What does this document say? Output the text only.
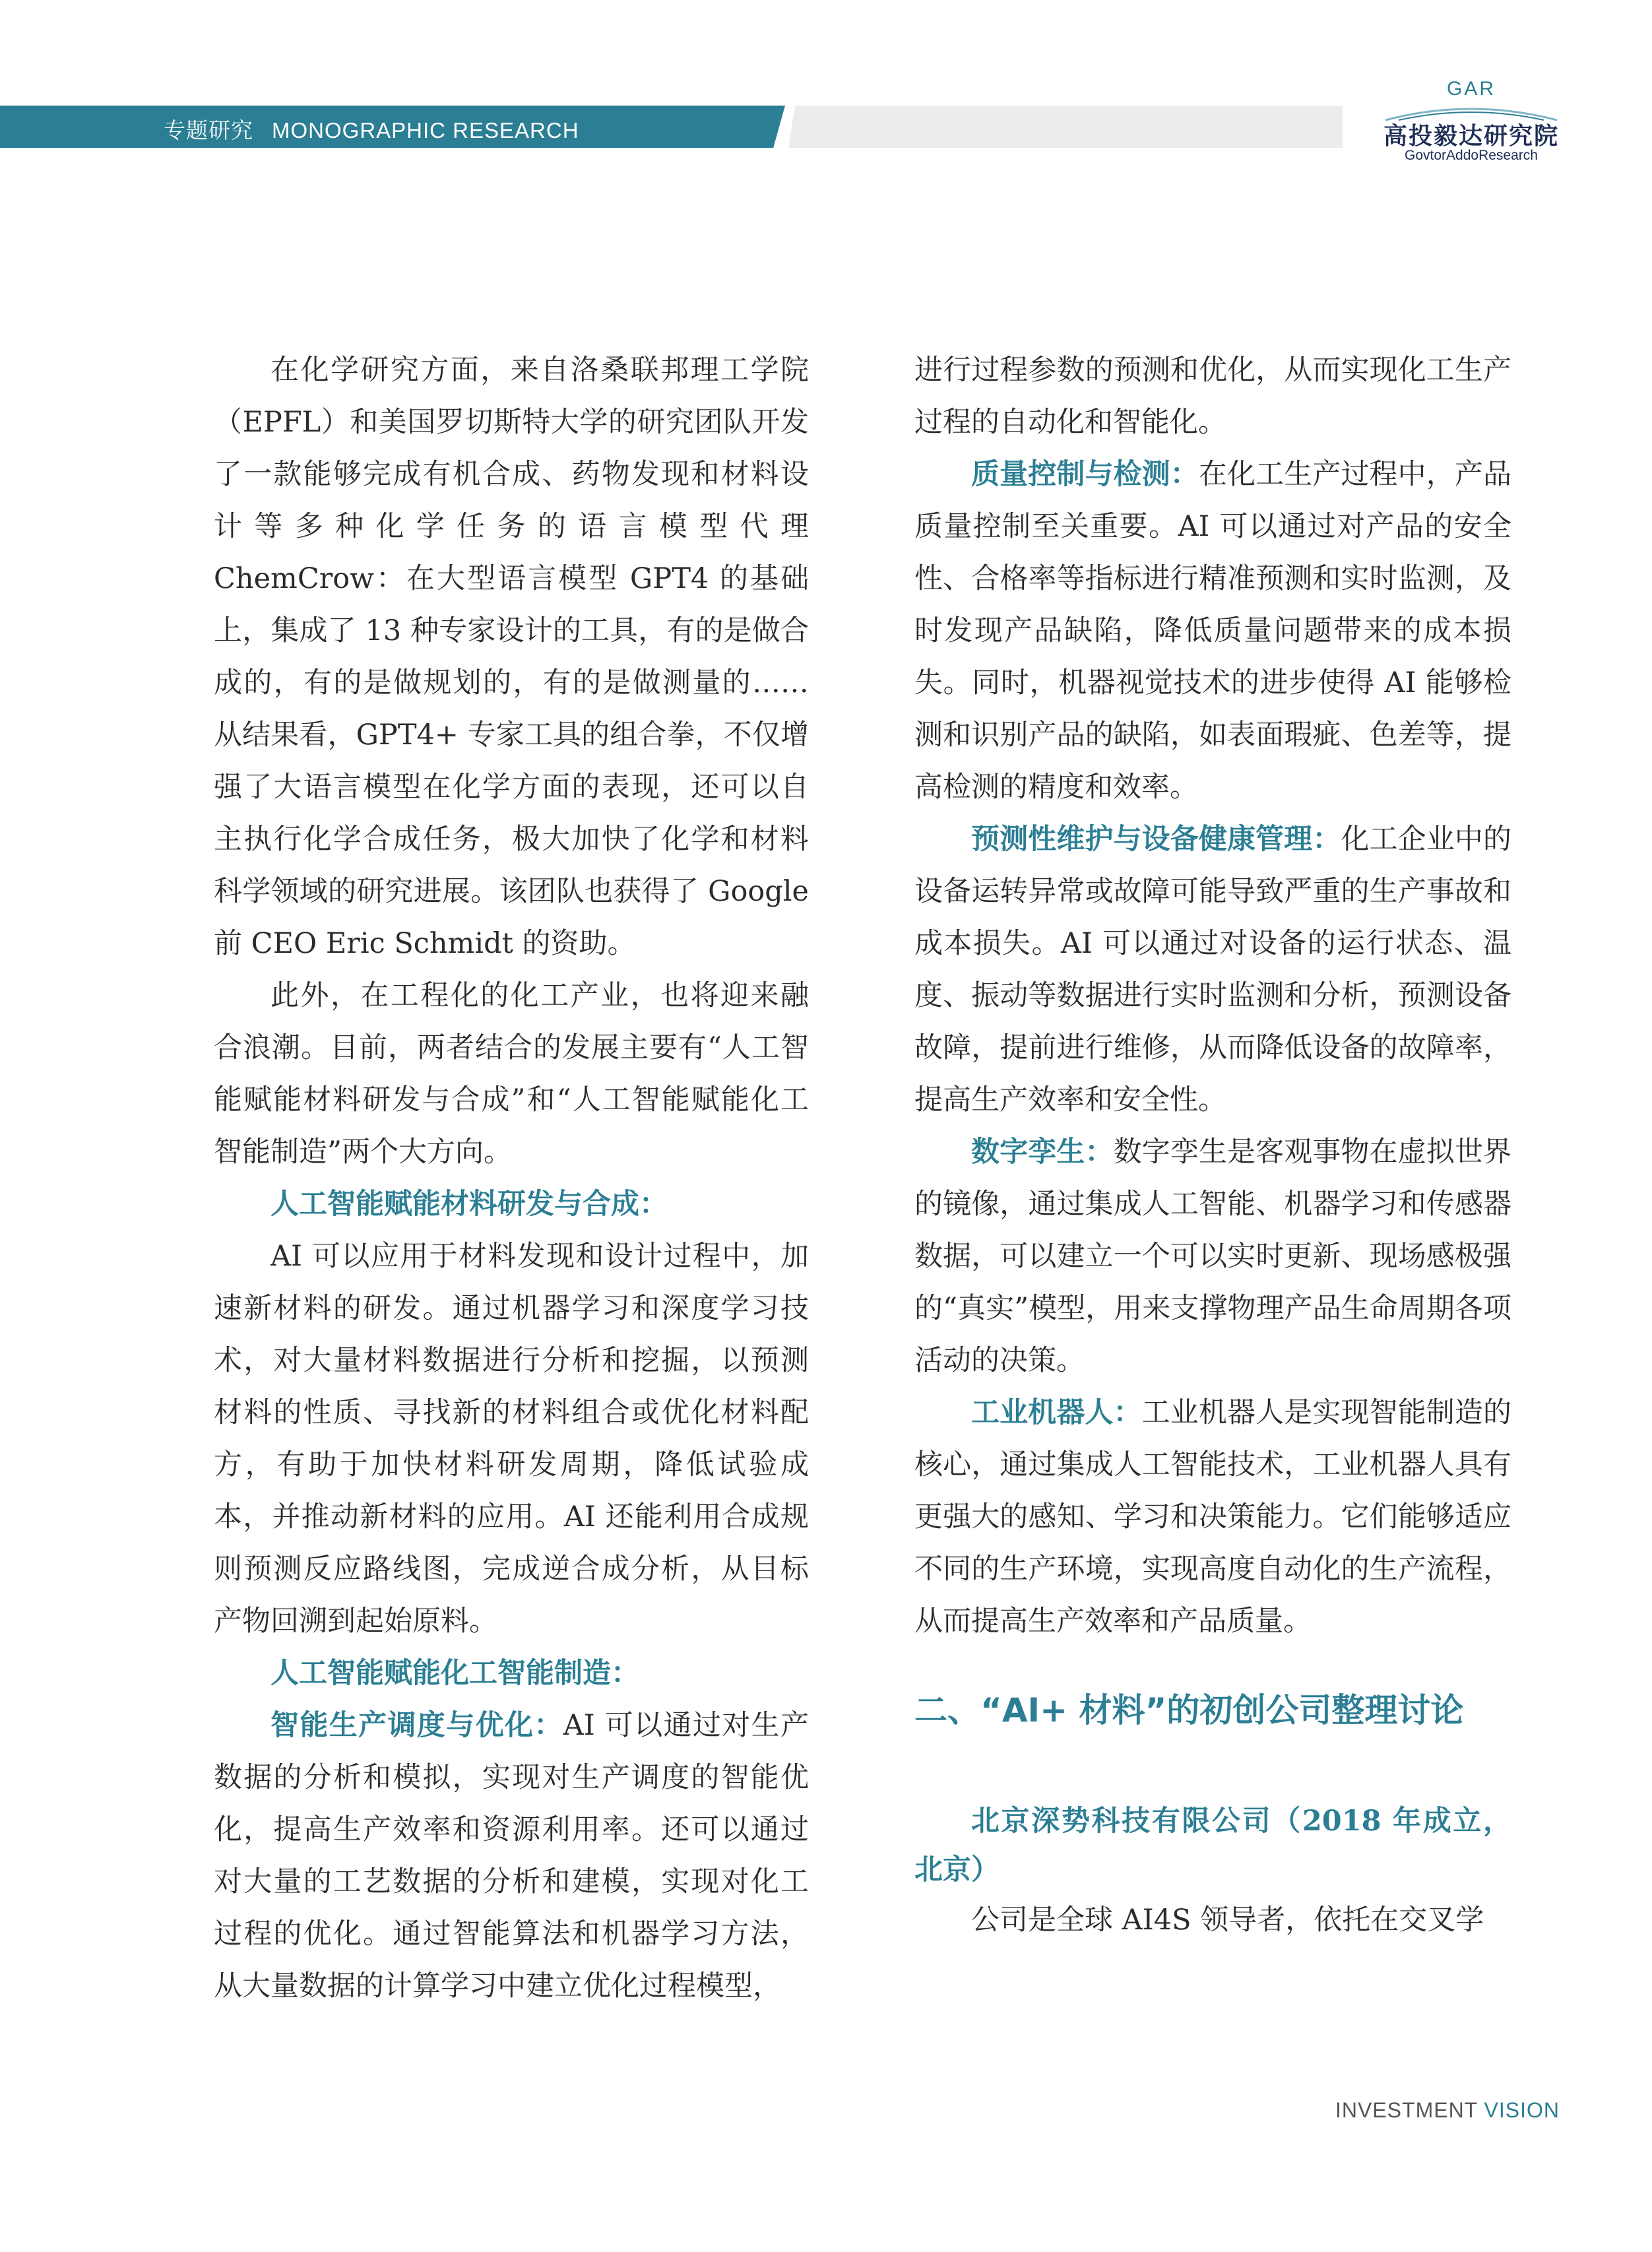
专题研究 MONOGRAPHIC RESEARCH
GAR
高投毅达研究院
GovtorAddoResearch

在化学研究方面，来自洛桑联邦理工学院（EPFL）和美国罗切斯特大学的研究团队开发了一款能够完成有机合成、药物发现和材料设计等多种化学任务的语言模型代理 ChemCrow：在大型语言模型 GPT4 的基础上，集成了 13 种专家设计的工具，有的是做合成的，有的是做规划的，有的是做测量的……从结果看，GPT4+ 专家工具的组合拳，不仅增强了大语言模型在化学方面的表现，还可以自主执行化学合成任务，极大加快了化学和材料科学领域的研究进展。该团队也获得了 Google 前 CEO Eric Schmidt 的资助。

此外，在工程化的化工产业，也将迎来融合浪潮。目前，两者结合的发展主要有“人工智能赋能材料研发与合成”和“人工智能赋能化工智能制造”两个大方向。

人工智能赋能材料研发与合成：

AI 可以应用于材料发现和设计过程中，加速新材料的研发。通过机器学习和深度学习技术，对大量材料数据进行分析和挖掘，以预测材料的性质、寻找新的材料组合或优化材料配方，有助于加快材料研发周期，降低试验成本，并推动新材料的应用。AI 还能利用合成规则预测反应路线图，完成逆合成分析，从目标产物回溯到起始原料。

人工智能赋能化工智能制造：

智能生产调度与优化：AI 可以通过对生产数据的分析和模拟，实现对生产调度的智能优化，提高生产效率和资源利用率。还可以通过对大量的工艺数据的分析和建模，实现对化工过程的优化。通过智能算法和机器学习方法，从大量数据的计算学习中建立优化过程模型，

进行过程参数的预测和优化，从而实现化工生产过程的自动化和智能化。

质量控制与检测：在化工生产过程中，产品质量控制至关重要。AI 可以通过对产品的安全性、合格率等指标进行精准预测和实时监测，及时发现产品缺陷，降低质量问题带来的成本损失。同时，机器视觉技术的进步使得 AI 能够检测和识别产品的缺陷，如表面瑕疵、色差等，提高检测的精度和效率。

预测性维护与设备健康管理：化工企业中的设备运转异常或故障可能导致严重的生产事故和成本损失。AI 可以通过对设备的运行状态、温度、振动等数据进行实时监测和分析，预测设备故障，提前进行维修，从而降低设备的故障率，提高生产效率和安全性。

数字孪生：数字孪生是客观事物在虚拟世界的镜像，通过集成人工智能、机器学习和传感器数据，可以建立一个可以实时更新、现场感极强的“真实”模型，用来支撑物理产品生命周期各项活动的决策。

工业机器人：工业机器人是实现智能制造的核心，通过集成人工智能技术，工业机器人具有更强大的感知、学习和决策能力。它们能够适应不同的生产环境，实现高度自动化的生产流程，从而提高生产效率和产品质量。

二、“AI+ 材料”的初创公司整理讨论

北京深势科技有限公司（2018 年成立，北京）

公司是全球 AI4S 领导者，依托在交叉学

INVESTMENT VISION
